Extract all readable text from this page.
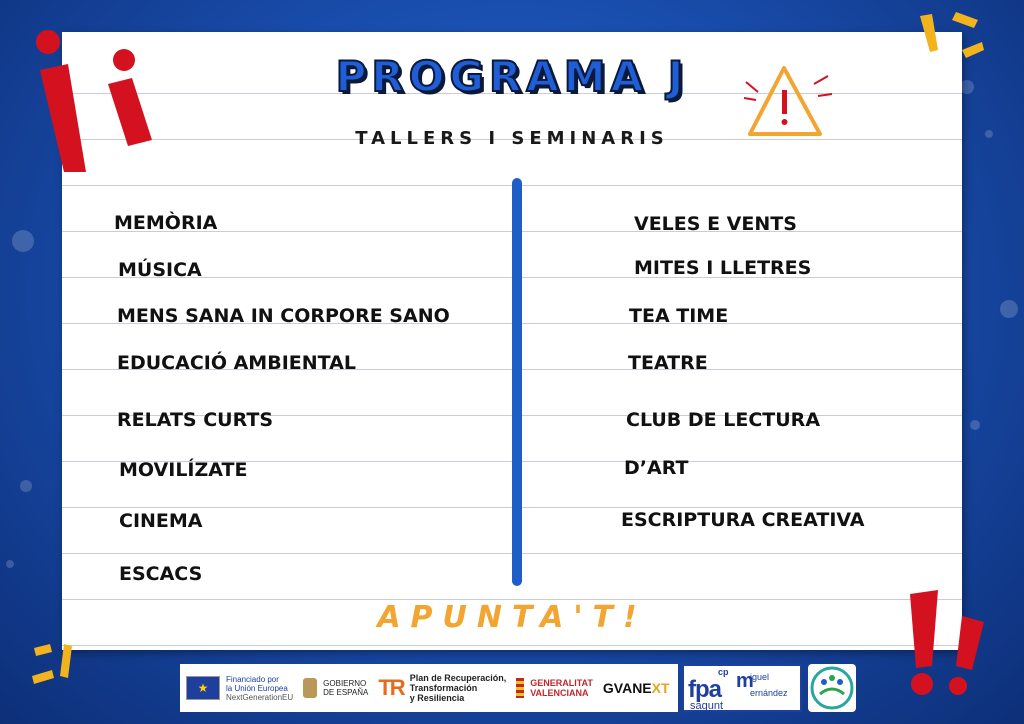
PROGRAMA J
TALLERS I SEMINARIS
MEMÒRIA
MÚSICA
MENS SANA IN CORPORE SANO
EDUCACIÓ AMBIENTAL
RELATS CURTS
MOVILÍZATE
CINEMA
ESCACS
VELES E VENTS
MITES I LLETRES
TEA TIME
TEATRE
CLUB DE LECTURA
D’ART
ESCRIPTURA CREATIVA
APUNTA'T!
★
Financiado por
la Unión Europea
NextGenerationEU
GOBIERNO
DE ESPAÑA TR Plan de Recuperación,
Transformación
y Resiliencia
GENERALITAT
VALENCIANA	GVANEXT
cp
fpa m
iguel
ernández
sagunt
